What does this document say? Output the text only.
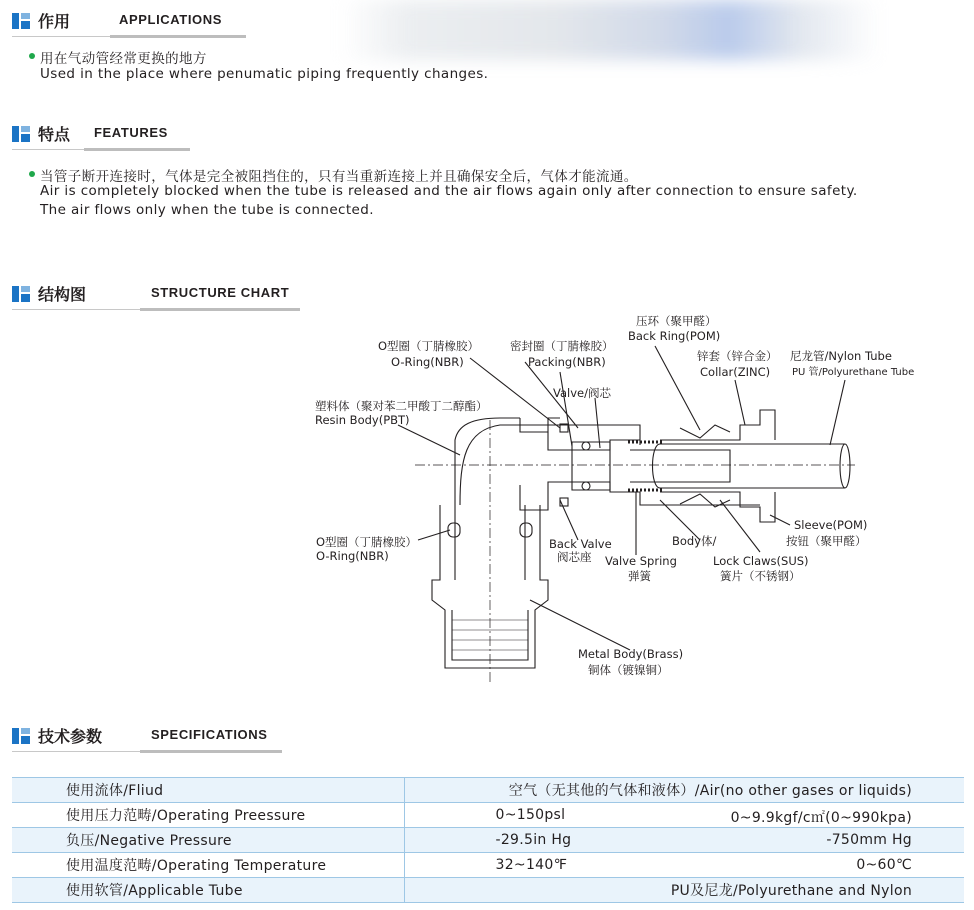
作用	APPLICATIONS
用在气动管经常更换的地方
Used in the place where penumatic piping frequently changes.
特点 FEATURES
当管子断开连接时，气体是完全被阻挡住的，只有当重新连接上并且确保安全后，气体才能流通。
Air is completely blocked when the tube is released and the air flows again only after connection to ensure safety.
The air flows only when the tube is connected.
结构图	STRUCTURE CHART
O型圈（丁腈橡胶）
O-Ring(NBR)
密封圈（丁腈橡胶）
Packing(NBR)
压环（聚甲醛）
Back Ring(POM)
锌套（锌合金）
Collar(ZINC)
尼龙管/Nylon Tube
PU 管/Polyurethane Tube
Valve/阀芯
塑料体（聚对苯二甲酸丁二醇酯）
Resin Body(PBT)
O型圈（丁腈橡胶）
O-Ring(NBR)
Back Valve
阀芯座 Valve Spring
弹簧
Body体/
Lock Claws(SUS)
簧片（不锈钢）
Sleeve(POM)
按钮（聚甲醛）
Metal Body(Brass)
铜体（镀镍铜）
技术参数	SPECIFICATIONS
使用流体/Fliud	空气（无其他的气体和液体）/Air(no other gases or liquids)

使用压力范畴/Operating Preessure	0~150psl 0~9.9kgf/c㎡(0~990kpa)

负压/Negative Pressure	-29.5in Hg -750mm Hg

使用温度范畴/Operating Temperature	32~140℉ 0~60℃

使用软管/Applicable Tube	PU及尼龙/Polyurethane and Nylon
